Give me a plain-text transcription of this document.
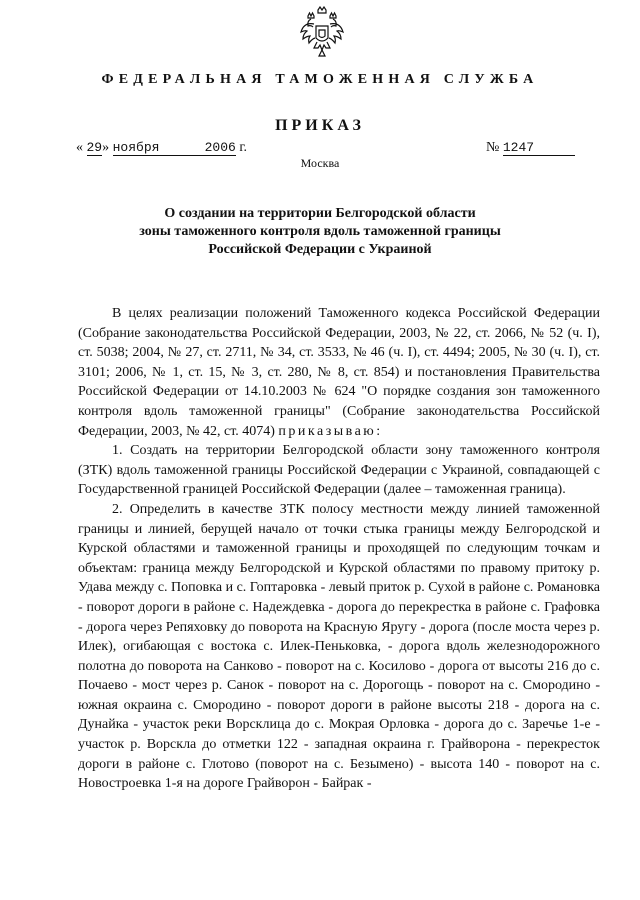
ФЕДЕРАЛЬНАЯ ТАМОЖЕННАЯ СЛУЖБА
ПРИКАЗ
« 29» ноября	2006 г.	№ 1247
Москва
О создании на территории Белгородской области
зоны таможенного контроля вдоль таможенной границы
Российской Федерации с Украиной

В целях реализации положений Таможенного кодекса Российской Федерации (Собрание законодательства Российской Федерации, 2003, № 22, ст. 2066, № 52 (ч. I), ст. 5038; 2004, № 27, ст. 2711, № 34, ст. 3533, № 46 (ч. I), ст. 4494; 2005, № 30 (ч. I), ст. 3101; 2006, № 1, ст. 15, № 3, ст. 280, № 8, ст. 854) и постановления Правительства Российской Федерации от 14.10.2003 № 624 "О порядке создания зон таможенного контроля вдоль таможенной границы" (Собрание законодательства Российской Федерации, 2003, № 42, ст. 4074) приказываю:

1. Создать на территории Белгородской области зону таможенного контроля (ЗТК) вдоль таможенной границы Российской Федерации с Украиной, совпадающей с Государственной границей Российской Федерации (далее – таможенная граница).

2. Определить в качестве ЗТК полосу местности между линией таможенной границы и линией, берущей начало от точки стыка границы между Белгородской и Курской областями и таможенной границы и проходящей по следующим точкам и объектам: граница между Белгородской и Курской областями по правому притоку р. Удава между с. Поповка и с. Гоптаровка - левый приток р. Сухой в районе с. Романовка - поворот дороги в районе с. Надеждевка - дорога до перекрестка в районе с. Графовка - дорога через Репяховку до поворота на Красную Яругу - дорога (после моста через р. Илек), огибающая с востока с. Илек-Пеньковка, - дорога вдоль железнодорожного полотна до поворота на Санково - поворот на с. Косилово - дорога от высоты 216 до с. Почаево - мост через р. Санок - поворот на с. Дорогощь - поворот на с. Смородино - южная окраина с. Смородино - поворот дороги в районе высоты 218 - дорога на с. Дунайка - участок реки Ворсклица до с. Мокрая Орловка - дорога до с. Заречье 1-е - участок р. Ворскла до отметки 122 - западная окраина г. Грайворона - перекресток дороги в районе с. Глотово (поворот на с. Безымено) - высота 140 - поворот на с. Новостроевка 1-я на дороге Грайворон - Байрак -
